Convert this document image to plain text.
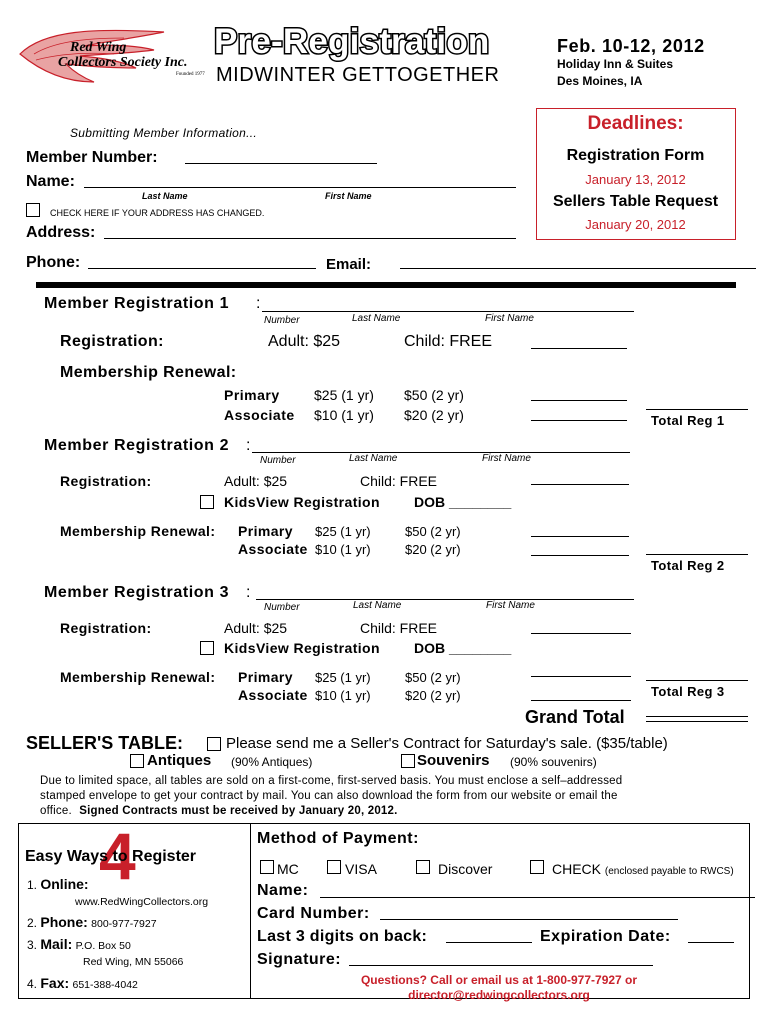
Red Wing
Collectors Society Inc.
Founded 1977
Pre-Registration
MIDWINTER GETTOGETHER
Feb. 10-12, 2012
Holiday Inn & Suites
Des Moines, IA
Deadlines:
Registration Form
January 13, 2012
Sellers Table Request
January 20, 2012
Submitting Member Information...
Member Number:
Name:
Last Name	First Name
CHECK HERE IF YOUR ADDRESS HAS CHANGED.
Address:
Phone:	Email:
Member Registration 1 :
Number	Last Name	First Name
Registration:	Adult: $25	Child: FREE
Membership Renewal:
Primary $25 (1 yr) $50 (2 yr)
Associate $10 (1 yr) $20 (2 yr)	Total Reg 1
Member Registration 2 :
Number	Last Name	First Name
Registration:	Adult: $25	Child: FREE
KidsView Registration DOB ________
Membership Renewal: Primary $25 (1 yr)	$50 (2 yr)
Associate $10 (1 yr)	$20 (2 yr)
Total Reg 2
Member Registration 3 :
Number	Last Name	First Name
Registration:	Adult: $25	Child: FREE
KidsView Registration DOB ________
Membership Renewal: Primary $25 (1 yr)	$50 (2 yr)
Associate $10 (1 yr)	$20 (2 yr)	Total Reg 3
Grand Total
SELLER'S TABLE:	Please send me a Seller's Contract for Saturday's sale. ($35/table)
Antiques (90% Antiques)	Souvenirs (90% souvenirs)
Due to limited space, all tables are sold on a first-come, first-served basis. You must enclose a self–addressed
stamped envelope to get your contract by mail. You can also download the form from our website or email the
office. Signed Contracts must be received by January 20, 2012.
4
Easy Ways to Register
1. Online:
www.RedWingCollectors.org
2. Phone: 800-977-7927
3. Mail: P.O. Box 50
Red Wing, MN 55066
4. Fax: 651-388-4042
Method of Payment:
MC	VISA	Discover	CHECK (enclosed payable to RWCS)
Name:
Card Number:
Last 3 digits on back:	Expiration Date:
Signature:
Questions? Call or email us at 1-800-977-7927 or
director@redwingcollectors.org
